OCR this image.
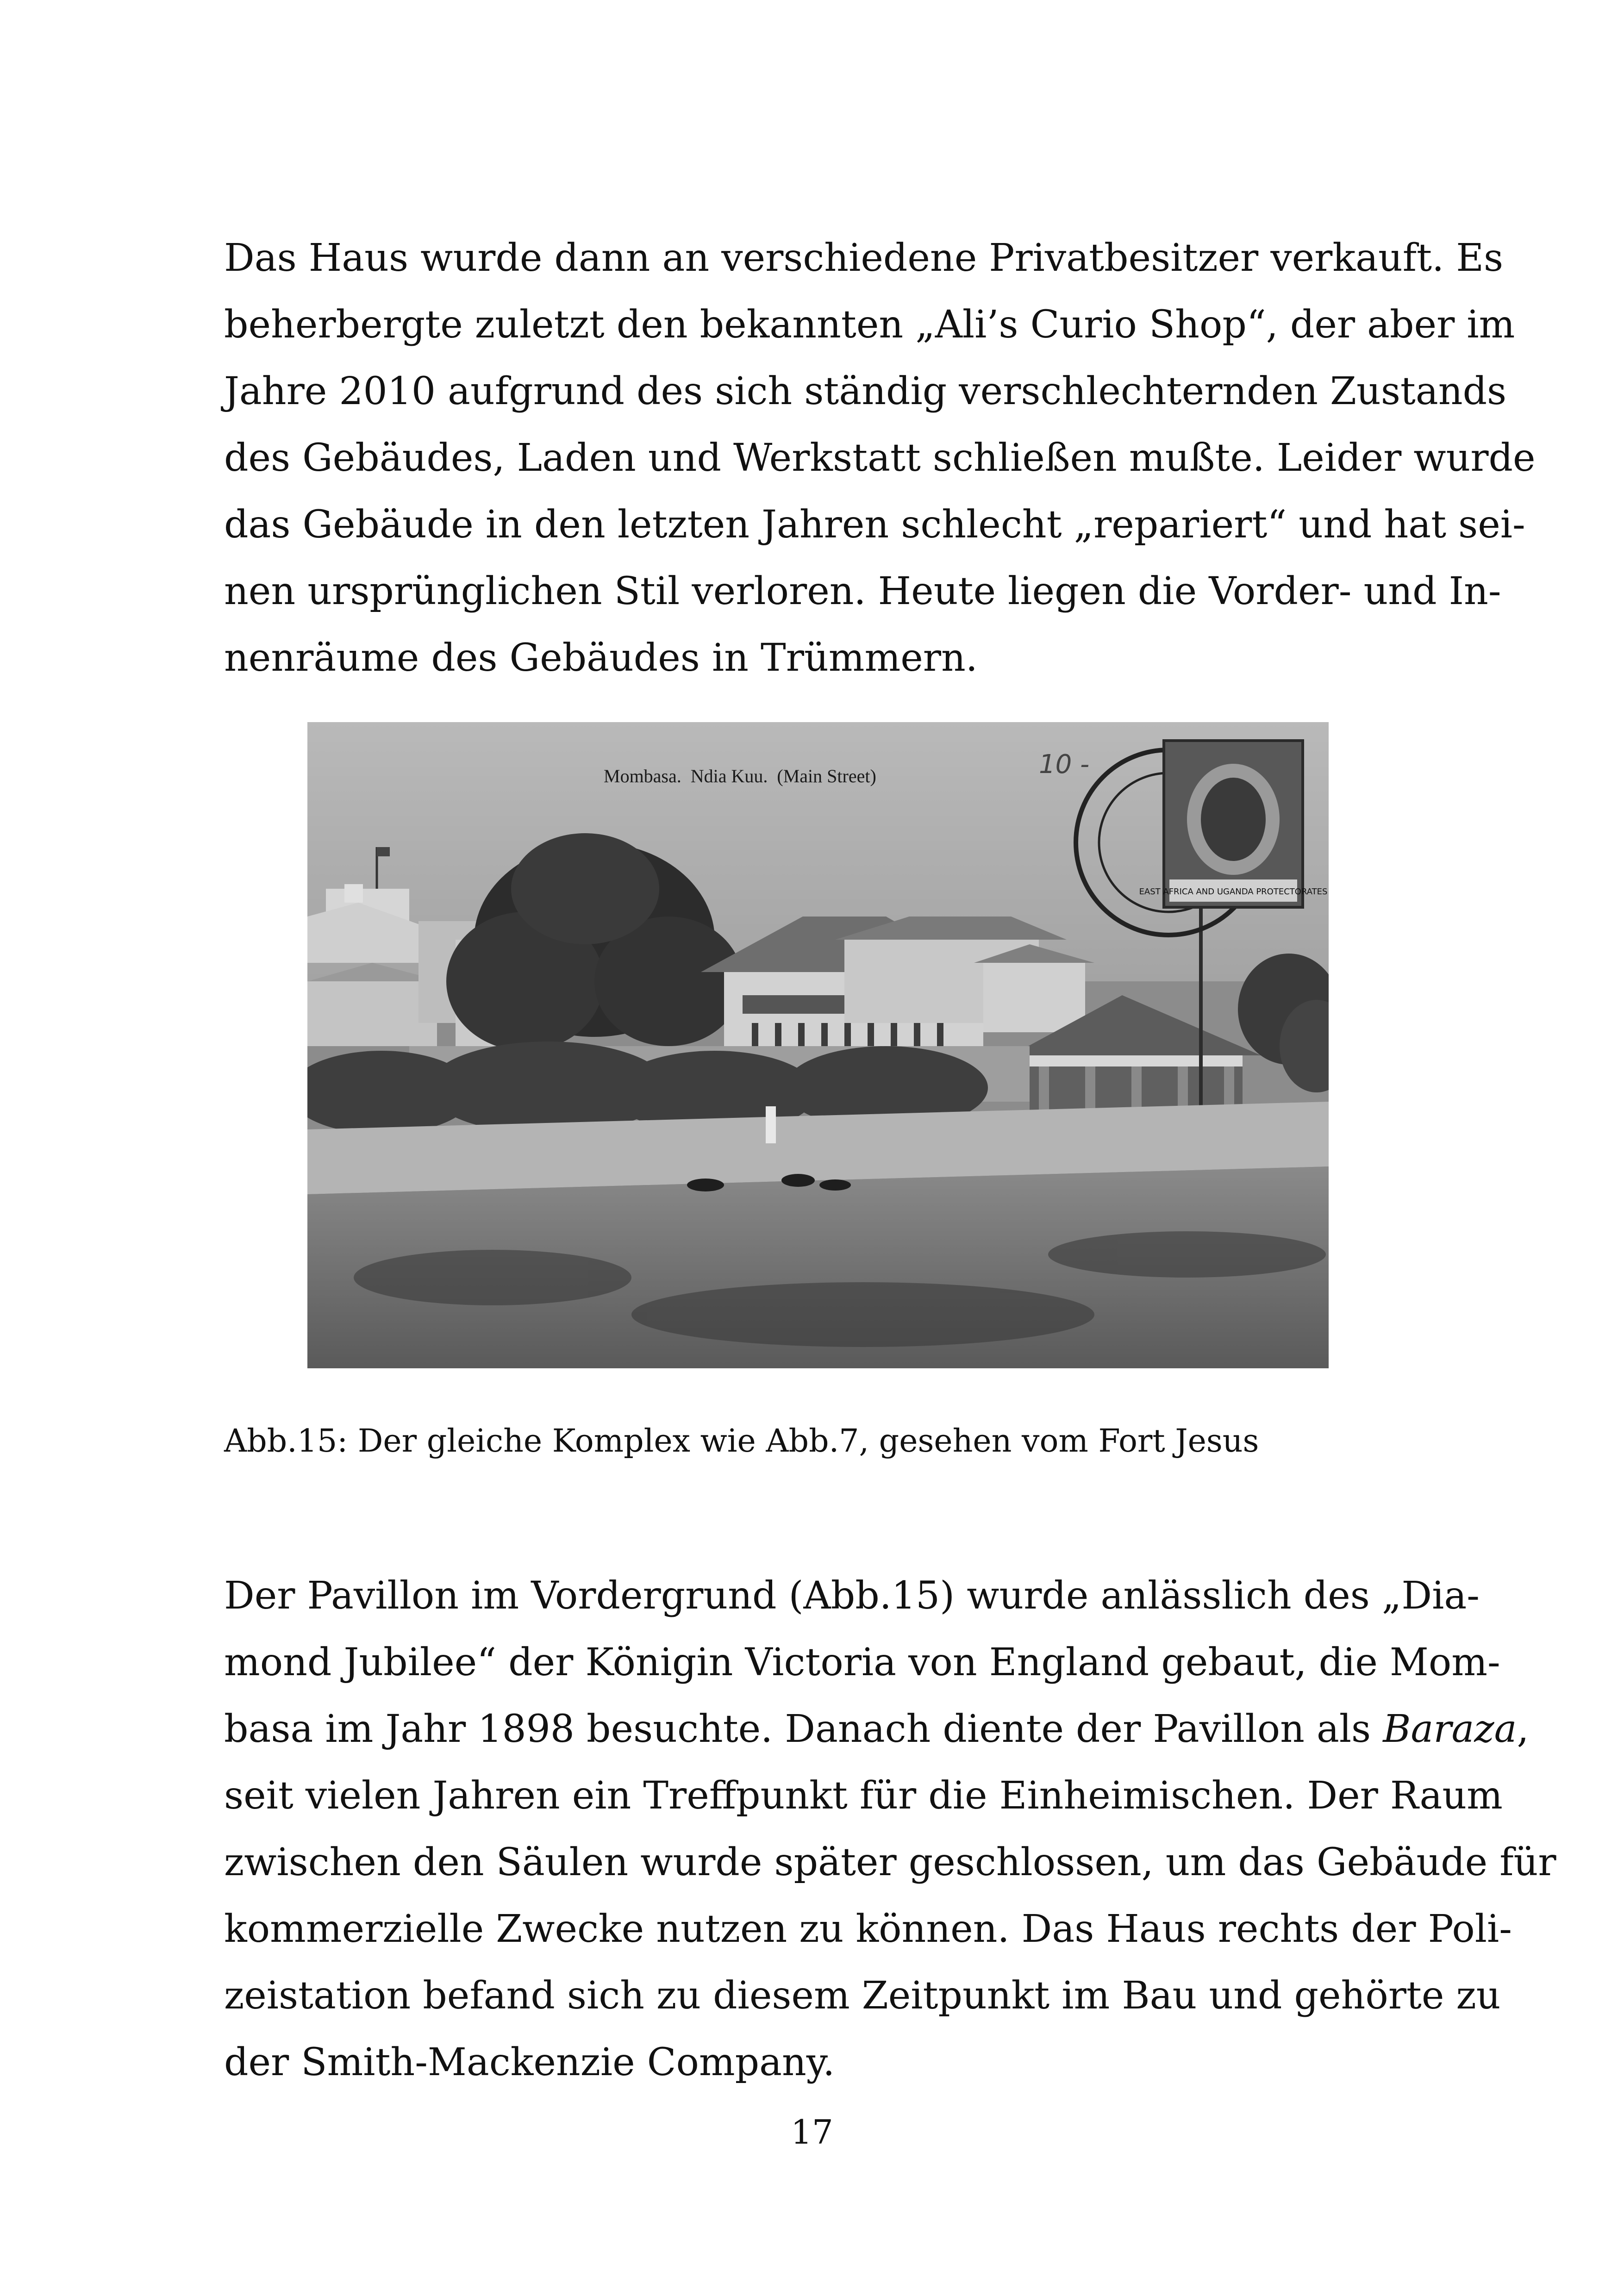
Das Haus wurde dann an verschiedene Privatbesitzer verkauft. Es
beherbergte zuletzt den bekannten „Ali’s Curio Shop“, der aber im
Jahre 2010 aufgrund des sich ständig verschlechternden Zustands
des Gebäudes, Laden und Werkstatt schließen mußte. Leider wurde
das Gebäude in den letzten Jahren schlecht „repariert“ und hat sei-
nen ursprünglichen Stil verloren. Heute liegen die Vorder- und In-
nenräume des Gebäudes in Trümmern.

Mombasa.  Ndia Kuu.  (Main Street)	10 -
EAST AFRICA AND UGANDA PROTECTORATES
Abb.15: Der gleiche Komplex wie Abb.7, gesehen vom Fort Jesus

Der Pavillon im Vordergrund (Abb.15) wurde anlässlich des „Dia-
mond Jubilee“ der Königin Victoria von England gebaut, die Mom-
basa im Jahr 1898 besuchte. Danach diente der Pavillon als Baraza,
seit vielen Jahren ein Treffpunkt für die Einheimischen. Der Raum
zwischen den Säulen wurde später geschlossen, um das Gebäude für
kommerzielle Zwecke nutzen zu können. Das Haus rechts der Poli-
zeistation befand sich zu diesem Zeitpunkt im Bau und gehörte zu
der Smith-Mackenzie Company.

17
